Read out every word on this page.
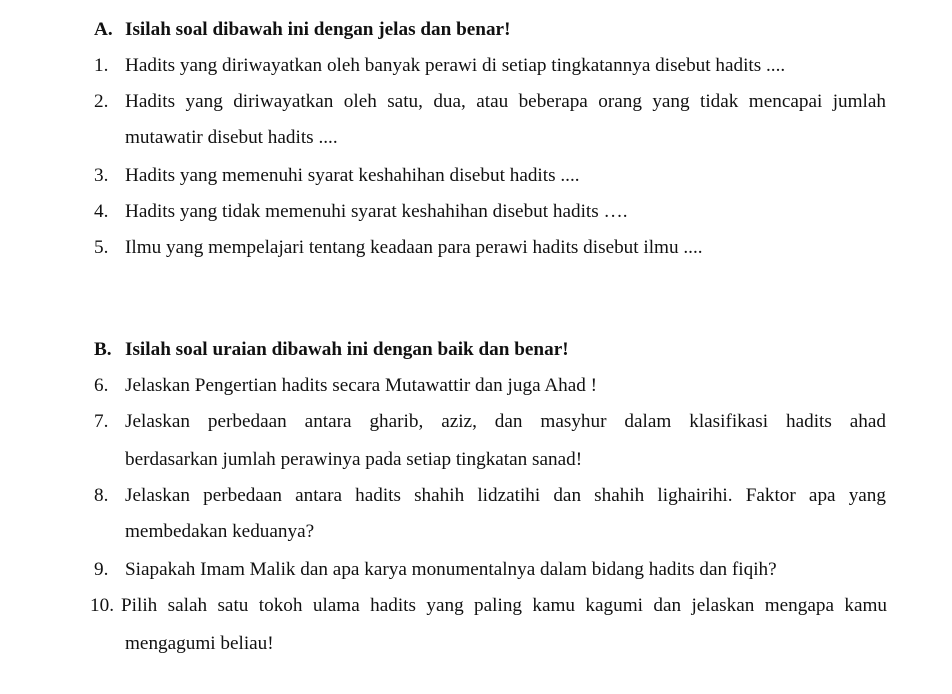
A. Isilah soal dibawah ini dengan jelas dan benar!
1. Hadits yang diriwayatkan oleh banyak perawi di setiap tingkatannya disebut hadits ....
2. Hadits yang diriwayatkan oleh satu, dua, atau beberapa orang yang tidak mencapai jumlah
mutawatir disebut hadits ....
3. Hadits yang memenuhi syarat keshahihan disebut hadits ....
4. Hadits yang tidak memenuhi syarat keshahihan disebut hadits ….
5. Ilmu yang mempelajari tentang keadaan para perawi hadits disebut ilmu ....
B. Isilah soal uraian dibawah ini dengan baik dan benar!
6. Jelaskan Pengertian hadits secara Mutawattir dan juga Ahad !
7. Jelaskan perbedaan antara gharib, aziz, dan masyhur dalam klasifikasi hadits ahad
berdasarkan jumlah perawinya pada setiap tingkatan sanad!
8. Jelaskan perbedaan antara hadits shahih lidzatihi dan shahih lighairihi. Faktor apa yang
membedakan keduanya?
9. Siapakah Imam Malik dan apa karya monumentalnya dalam bidang hadits dan fiqih?
10. Pilih salah satu tokoh ulama hadits yang paling kamu kagumi dan jelaskan mengapa kamu
mengagumi beliau!
